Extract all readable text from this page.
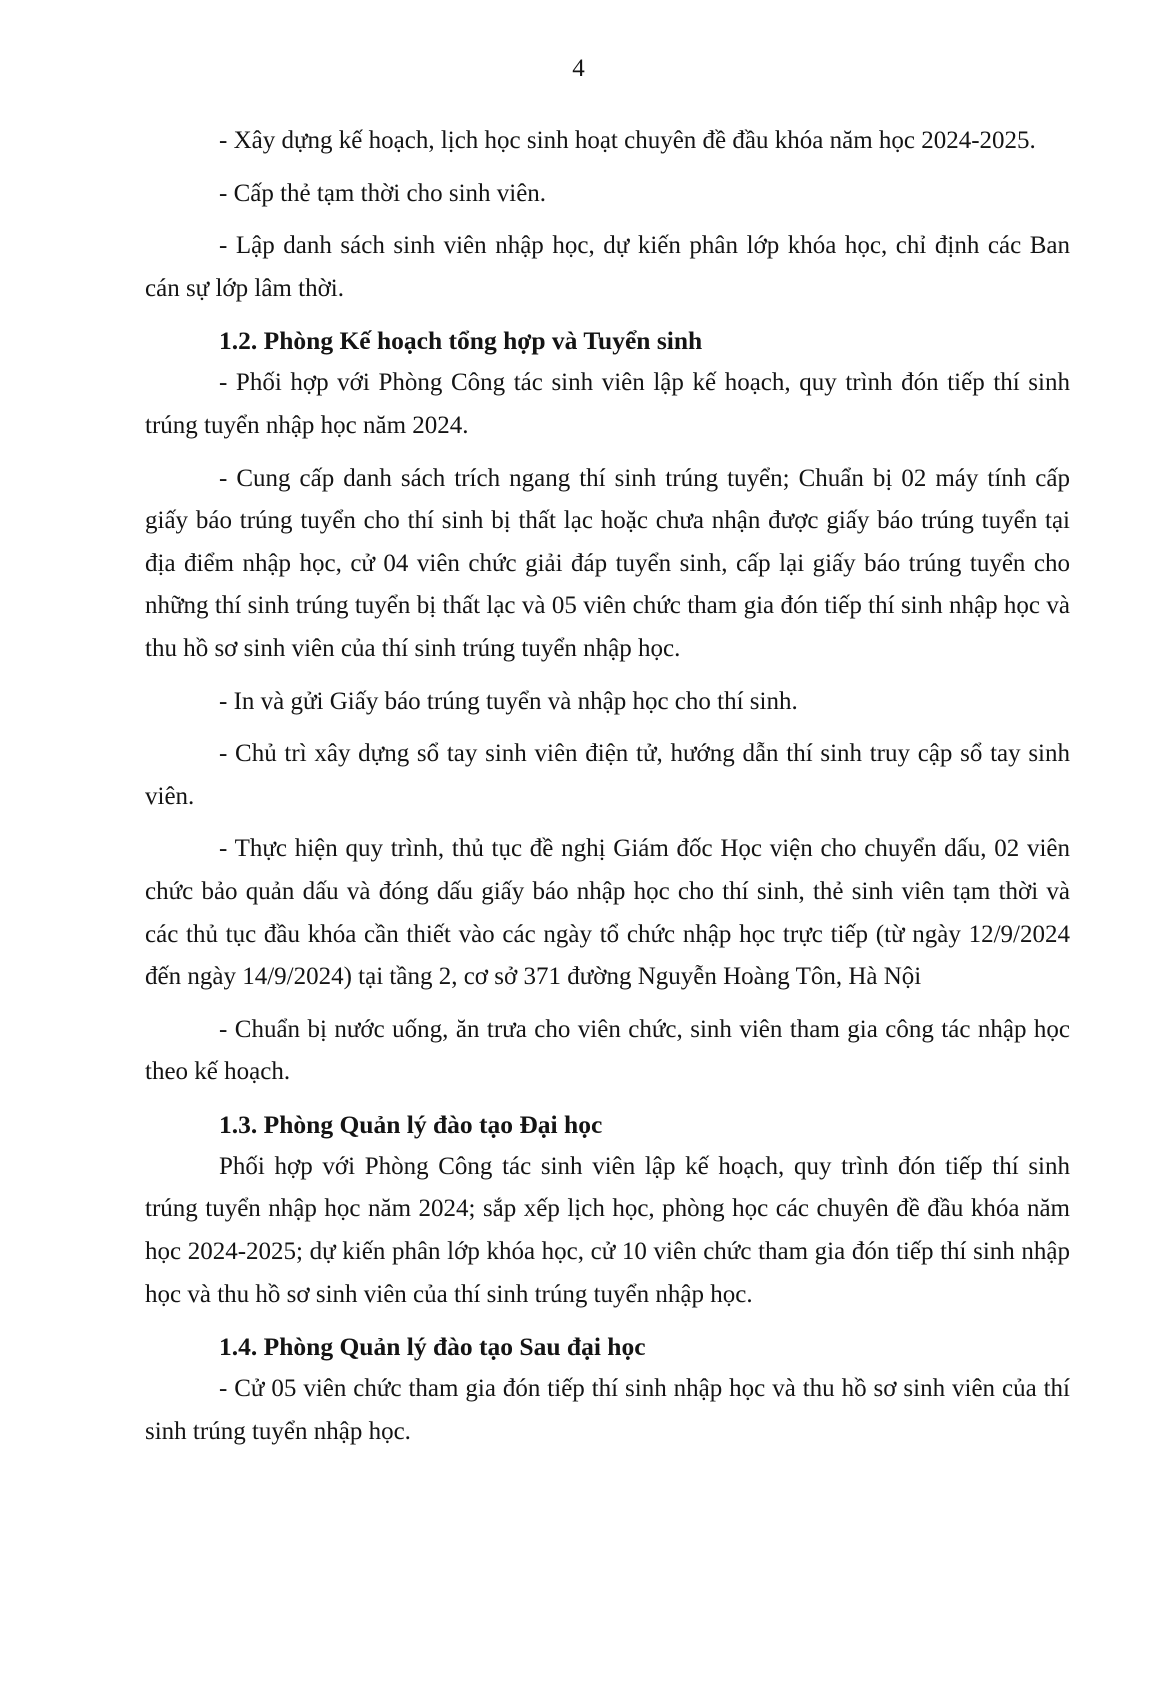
4

- Xây dựng kế hoạch, lịch học sinh hoạt chuyên đề đầu khóa năm học 2024-2025.

- Cấp thẻ tạm thời cho sinh viên.

- Lập danh sách sinh viên nhập học, dự kiến phân lớp khóa học, chỉ định các Ban cán sự lớp lâm thời.

1.2. Phòng Kế hoạch tổng hợp và Tuyển sinh

- Phối hợp với Phòng Công tác sinh viên lập kế hoạch, quy trình đón tiếp thí sinh trúng tuyển nhập học năm 2024.

- Cung cấp danh sách trích ngang thí sinh trúng tuyển; Chuẩn bị 02 máy tính cấp giấy báo trúng tuyển cho thí sinh bị thất lạc hoặc chưa nhận được giấy báo trúng tuyển tại địa điểm nhập học, cử 04 viên chức giải đáp tuyển sinh, cấp lại giấy báo trúng tuyển cho những thí sinh trúng tuyển bị thất lạc và 05 viên chức tham gia đón tiếp thí sinh nhập học và thu hồ sơ sinh viên của thí sinh trúng tuyển nhập học.

- In và gửi Giấy báo trúng tuyển và nhập học cho thí sinh.

- Chủ trì xây dựng sổ tay sinh viên điện tử, hướng dẫn thí sinh truy cập sổ tay sinh viên.

- Thực hiện quy trình, thủ tục đề nghị Giám đốc Học viện cho chuyển dấu, 02 viên chức bảo quản dấu và đóng dấu giấy báo nhập học cho thí sinh, thẻ sinh viên tạm thời và các thủ tục đầu khóa cần thiết vào các ngày tổ chức nhập học trực tiếp (từ ngày 12/9/2024 đến ngày 14/9/2024) tại tầng 2, cơ sở 371 đường Nguyễn Hoàng Tôn, Hà Nội

- Chuẩn bị nước uống, ăn trưa cho viên chức, sinh viên tham gia công tác nhập học theo kế hoạch.

1.3. Phòng Quản lý đào tạo Đại học

Phối hợp với Phòng Công tác sinh viên lập kế hoạch, quy trình đón tiếp thí sinh trúng tuyển nhập học năm 2024; sắp xếp lịch học, phòng học các chuyên đề đầu khóa năm học 2024-2025; dự kiến phân lớp khóa học, cử 10 viên chức tham gia đón tiếp thí sinh nhập học và thu hồ sơ sinh viên của thí sinh trúng tuyển nhập học.

1.4. Phòng Quản lý đào tạo Sau đại học

- Cử 05 viên chức tham gia đón tiếp thí sinh nhập học và thu hồ sơ sinh viên của thí sinh trúng tuyển nhập học.
